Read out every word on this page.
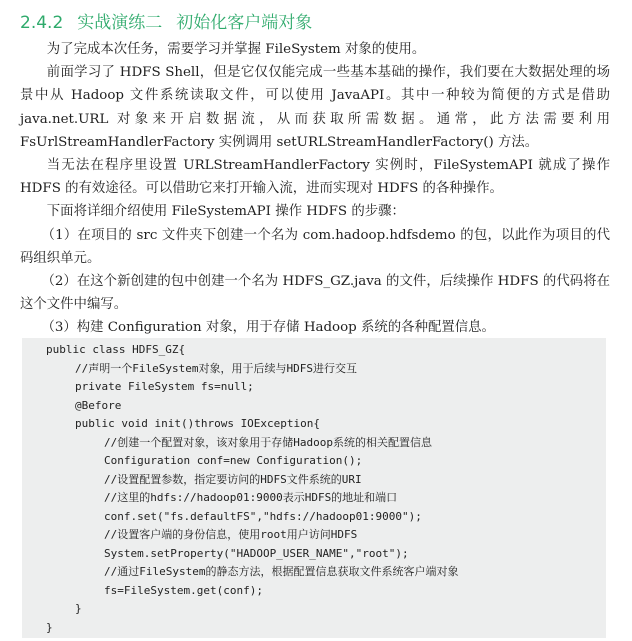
2.4.2 实战演练二 初始化客户端对象

为了完成本次任务，需要学习并掌握 FileSystem 对象的使用。

前面学习了 HDFS Shell，但是它仅仅能完成一些基本基础的操作，我们要在大数据处理的场景中从 Hadoop 文件系统读取文件，可以使用 JavaAPI。其中一种较为简便的方式是借助 java.net.URL 对象来开启数据流，从而获取所需数据。通常，此方法需要利用 FsUrlStreamHandlerFactory 实例调用 setURLStreamHandlerFactory() 方法。

当无法在程序里设置 URLStreamHandlerFactory 实例时，FileSystemAPI 就成了操作 HDFS 的有效途径。可以借助它来打开输入流，进而实现对 HDFS 的各种操作。

下面将详细介绍使用 FileSystemAPI 操作 HDFS 的步骤：

（1）在项目的 src 文件夹下创建一个名为 com.hadoop.hdfsdemo 的包，以此作为项目的代码组织单元。

（2）在这个新创建的包中创建一个名为 HDFS_GZ.java 的文件，后续操作 HDFS 的代码将在这个文件中编写。

（3）构建 Configuration 对象，用于存储 Hadoop 系统的各种配置信息。

public class HDFS_GZ{
//声明一个FileSystem对象，用于后续与HDFS进行交互
private FileSystem fs=null;
@Before
public void init()throws IOException{
//创建一个配置对象，该对象用于存储Hadoop系统的相关配置信息
Configuration conf=new Configuration();
//设置配置参数，指定要访问的HDFS文件系统的URI
//这里的hdfs://hadoop01:9000表示HDFS的地址和端口
conf.set("fs.defaultFS","hdfs://hadoop01:9000");
//设置客户端的身份信息，使用root用户访问HDFS
System.setProperty("HADOOP_USER_NAME","root");
//通过FileSystem的静态方法，根据配置信息获取文件系统客户端对象
fs=FileSystem.get(conf);
}
}
